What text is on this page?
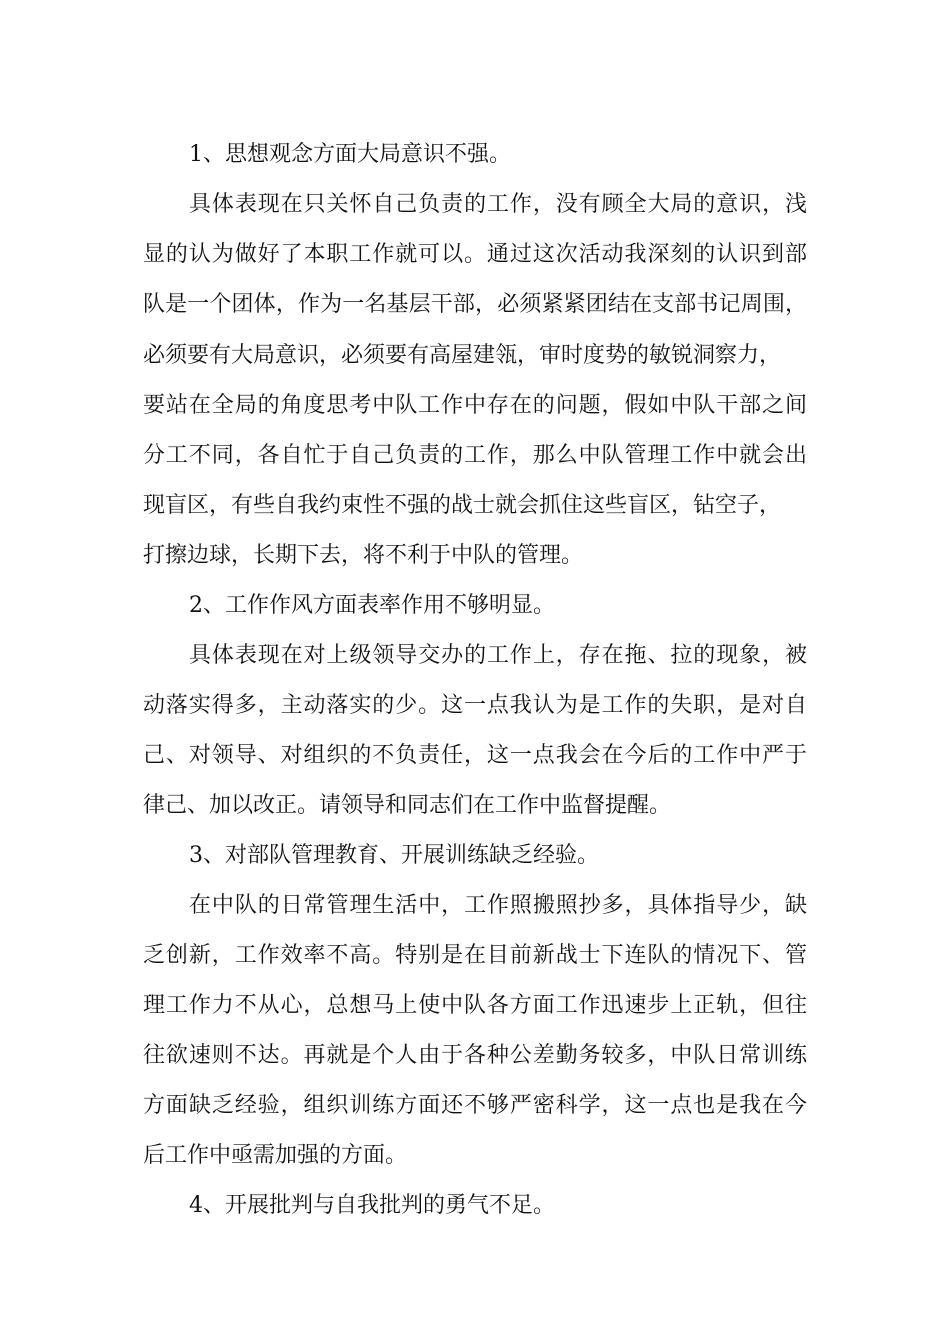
1、思想观念方面大局意识不强。
具体表现在只关怀自己负责的工作，没有顾全大局的意识，浅
显的认为做好了本职工作就可以。通过这次活动我深刻的认识到部
队是一个团体，作为一名基层干部，必须紧紧团结在支部书记周围，
必须要有大局意识，必须要有高屋建瓴，审时度势的敏锐洞察力，
要站在全局的角度思考中队工作中存在的问题，假如中队干部之间
分工不同，各自忙于自己负责的工作，那么中队管理工作中就会出
现盲区，有些自我约束性不强的战士就会抓住这些盲区，钻空子，
打擦边球，长期下去，将不利于中队的管理。
2、工作作风方面表率作用不够明显。
具体表现在对上级领导交办的工作上，存在拖、拉的现象，被
动落实得多，主动落实的少。这一点我认为是工作的失职，是对自
己、对领导、对组织的不负责任，这一点我会在今后的工作中严于
律己、加以改正。请领导和同志们在工作中监督提醒。
3、对部队管理教育、开展训练缺乏经验。
在中队的日常管理生活中，工作照搬照抄多，具体指导少，缺
乏创新，工作效率不高。特别是在目前新战士下连队的情况下、管
理工作力不从心，总想马上使中队各方面工作迅速步上正轨，但往
往欲速则不达。再就是个人由于各种公差勤务较多，中队日常训练
方面缺乏经验，组织训练方面还不够严密科学，这一点也是我在今
后工作中亟需加强的方面。
4、开展批判与自我批判的勇气不足。
